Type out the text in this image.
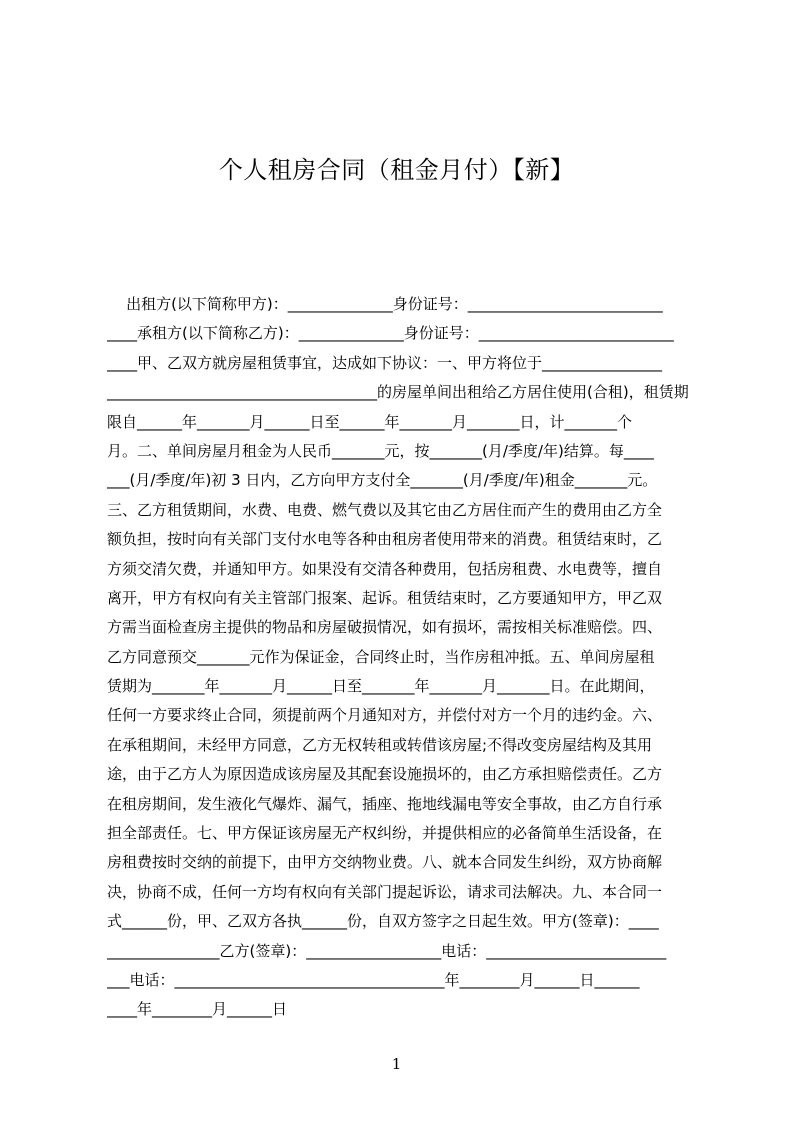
个人租房合同（租金月付）【新】
出租方(以下简称甲方)：______________身份证号：__________________________
____承租方(以下简称乙方)：______________身份证号：__________________________
____甲、乙双方就房屋租赁事宜，达成如下协议：一、甲方将位于________________
____________________________________的房屋单间出租给乙方居住使用(合租)，租赁期
限自______年_______月______日至______年_______月_______日，计_______个
月。二、单间房屋月租金为人民币_______元，按_______(月/季度/年)结算。每____
___(月/季度/年)初 3 日内，乙方向甲方支付全_______(月/季度/年)租金_______元。
三、乙方租赁期间，水费、电费、燃气费以及其它由乙方居住而产生的费用由乙方全
额负担，按时向有关部门支付水电等各种由租房者使用带来的消费。租赁结束时，乙
方须交清欠费，并通知甲方。如果没有交清各种费用，包括房租费、水电费等，擅自
离开，甲方有权向有关主管部门报案、起诉。租赁结束时，乙方要通知甲方，甲乙双
方需当面检查房主提供的物品和房屋破损情况，如有损坏，需按相关标准赔偿。四、
乙方同意预交_______元作为保证金，合同终止时，当作房租冲抵。五、单间房屋租
赁期为_______年_______月______日至_______年_______月_______日。在此期间，
任何一方要求终止合同，须提前两个月通知对方，并偿付对方一个月的违约金。六、
在承租期间，未经甲方同意，乙方无权转租或转借该房屋;不得改变房屋结构及其用
途，由于乙方人为原因造成该房屋及其配套设施损坏的，由乙方承担赔偿责任。乙方
在租房期间，发生液化气爆炸、漏气，插座、拖地线漏电等安全事故，由乙方自行承
担全部责任。七、甲方保证该房屋无产权纠纷，并提供相应的必备简单生活设备，在
房租费按时交纳的前提下，由甲方交纳物业费。八、就本合同发生纠纷，双方协商解
决，协商不成，任何一方均有权向有关部门提起诉讼，请求司法解决。九、本合同一
式______份，甲、乙双方各执______份，自双方签字之日起生效。甲方(签章)：____
_______________乙方(签章)：__________________电话：________________________
___电话：____________________________________年________月______日______
____年________月______日
1
